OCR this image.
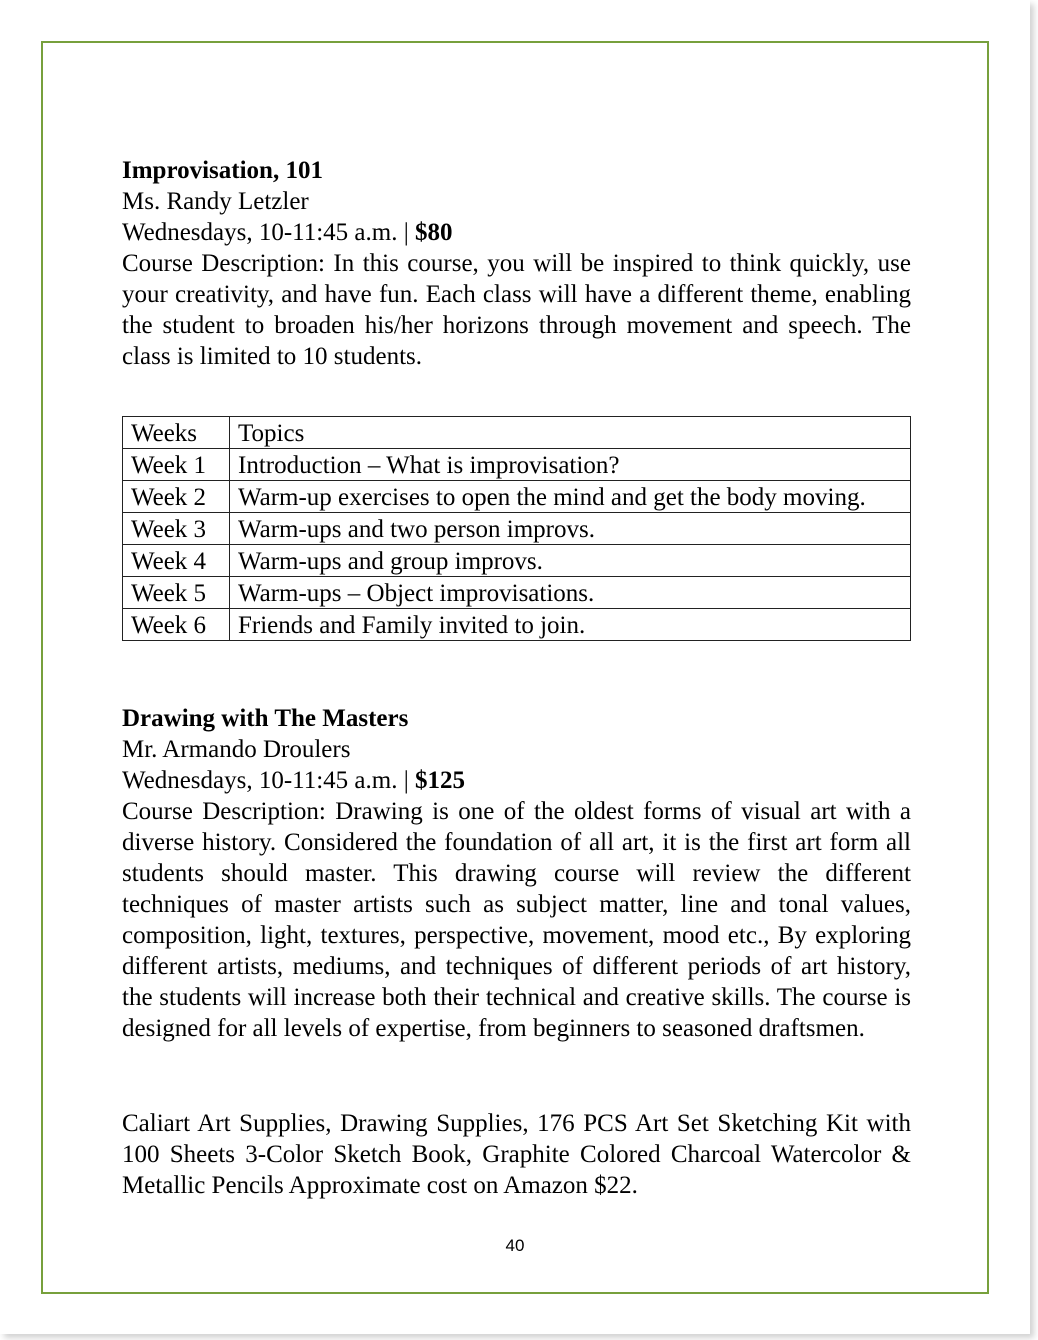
Improvisation, 101
Ms. Randy Letzler
Wednesdays, 10-11:45 a.m. | $80
Course Description: In this course, you will be inspired to think quickly, use your creativity, and have fun. Each class will have a different theme, enabling the student to broaden his/her horizons through movement and speech. The class is limited to 10 students.
Weeks	Topics
Week 1	Introduction – What is improvisation?
Week 2	Warm-up exercises to open the mind and get the body moving.
Week 3	Warm-ups and two person improvs.
Week 4	Warm-ups and group improvs.
Week 5	Warm-ups – Object improvisations.
Week 6	Friends and Family invited to join.
Drawing with The Masters
Mr. Armando Droulers
Wednesdays, 10-11:45 a.m. | $125
Course Description: Drawing is one of the oldest forms of visual art with a diverse history. Considered the foundation of all art, it is the first art form all students should master. This drawing course will review the different techniques of master artists such as subject matter, line and tonal values, composition, light, textures, perspective, movement, mood etc., By exploring different artists, mediums, and techniques of different periods of art history, the students will increase both their technical and creative skills. The course is designed for all levels of expertise, from beginners to seasoned draftsmen.
Caliart Art Supplies, Drawing Supplies, 176 PCS Art Set Sketching Kit with 100 Sheets 3-Color Sketch Book, Graphite Colored Charcoal Watercolor & Metallic Pencils Approximate cost on Amazon $22.
40
